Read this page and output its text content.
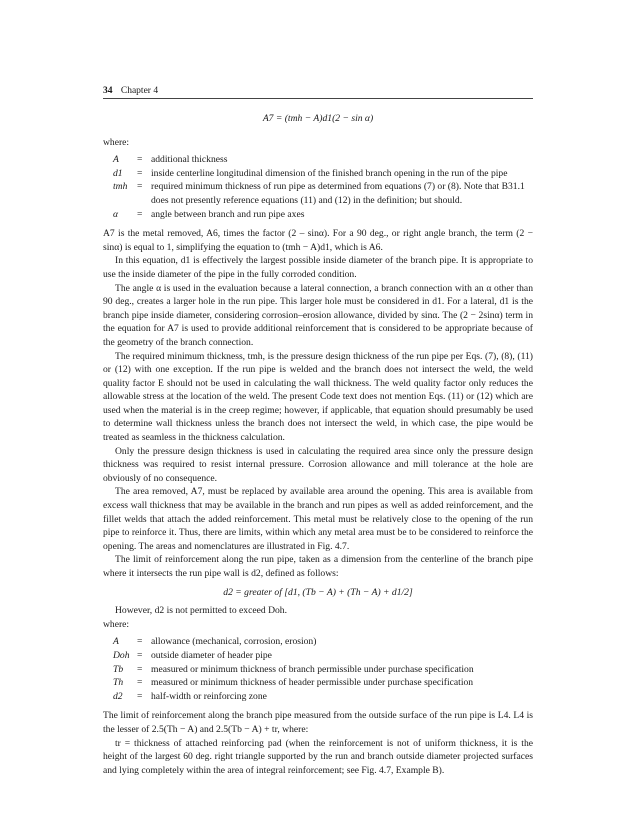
34 Chapter 4
A7 = (tmh − A)d1(2 − sin α)
where:
A	= additional thickness
d1	= inside centerline longitudinal dimension of the finished branch opening in the run of the pipe
tmh	= required minimum thickness of run pipe as determined from equations (7) or (8). Note that B31.1 does not presently reference equations (11) and (12) in the definition; but should.
α	= angle between branch and run pipe axes

A7 is the metal removed, A6, times the factor (2 – sinα). For a 90 deg., or right angle branch, the term (2 − sinα) is equal to 1, simplifying the equation to (tmh − A)d1, which is A6.

In this equation, d1 is effectively the largest possible inside diameter of the branch pipe. It is appropriate to use the inside diameter of the pipe in the fully corroded condition.

The angle α is used in the evaluation because a lateral connection, a branch connection with an α other than 90 deg., creates a larger hole in the run pipe. This larger hole must be considered in d1. For a lateral, d1 is the branch pipe inside diameter, considering corrosion–erosion allowance, divided by sinα. The (2 − 2sinα) term in the equation for A7 is used to provide additional reinforcement that is considered to be appropriate because of the geometry of the branch connection.

The required minimum thickness, tmh, is the pressure design thickness of the run pipe per Eqs. (7), (8), (11) or (12) with one exception. If the run pipe is welded and the branch does not intersect the weld, the weld quality factor E should not be used in calculating the wall thickness. The weld quality factor only reduces the allowable stress at the location of the weld. The present Code text does not mention Eqs. (11) or (12) which are used when the material is in the creep regime; however, if applicable, that equation should presumably be used to determine wall thickness unless the branch does not intersect the weld, in which case, the pipe would be treated as seamless in the thickness calculation.

Only the pressure design thickness is used in calculating the required area since only the pressure design thickness was required to resist internal pressure. Corrosion allowance and mill tolerance at the hole are obviously of no consequence.

The area removed, A7, must be replaced by available area around the opening. This area is available from excess wall thickness that may be available in the branch and run pipes as well as added reinforcement, and the fillet welds that attach the added reinforcement. This metal must be relatively close to the opening of the run pipe to reinforce it. Thus, there are limits, within which any metal area must be to be considered to reinforce the opening. The areas and nomenclatures are illustrated in Fig. 4.7.

The limit of reinforcement along the run pipe, taken as a dimension from the centerline of the branch pipe where it intersects the run pipe wall is d2, defined as follows:

d2 = greater of [d1, (Tb − A) + (Th − A) + d1/2]

However, d2 is not permitted to exceed Doh.

where:
A	= allowance (mechanical, corrosion, erosion)
Doh = outside diameter of header pipe
Tb	= measured or minimum thickness of branch permissible under purchase specification
Th	= measured or minimum thickness of header permissible under purchase specification
d2	= half-width or reinforcing zone

The limit of reinforcement along the branch pipe measured from the outside surface of the run pipe is L4. L4 is the lesser of 2.5(Th − A) and 2.5(Tb − A) + tr, where:

tr = thickness of attached reinforcing pad (when the reinforcement is not of uniform thickness, it is the height of the largest 60 deg. right triangle supported by the run and branch outside diameter projected surfaces and lying completely within the area of integral reinforcement; see Fig. 4.7, Example B).
